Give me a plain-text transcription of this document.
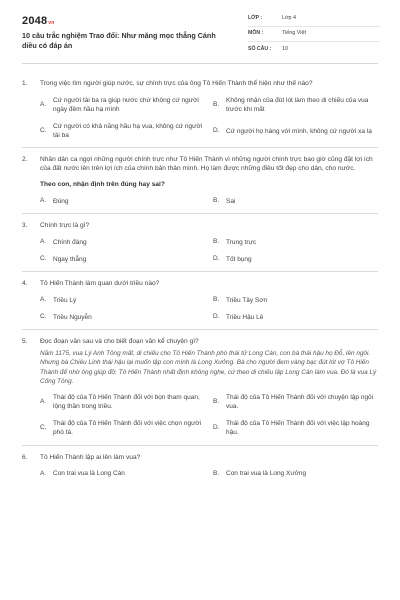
2048vn
10 câu trắc nghiệm Trao đổi: Như măng mọc thẳng Cánh diều có đáp án
LỚP :	Lớp 4
MÔN :	Tiếng Việt
SỐ CÂU :	10
1.	Trong việc tìm người giúp nước, sự chính trực của ông Tô Hiến Thành thể hiện như thế nào?
A.
Cứ người tài ba ra giúp nước chứ không cứ người ngày đêm hầu hạ mình
B.
Không nhận của đút lót làm theo di chiếu của vua trước khi mất
C.
Cứ người có khả năng hầu hạ vua, không cứ người tài ba
D.	Cứ người họ hàng với mình, không cứ người xa lạ
2.	Nhân dân ca ngợi những người chính trực như Tô Hiến Thành vì những người chính trực bao giờ cũng đặt lợi ích của đất nước lên trên lợi ích của chính bản thân mình. Họ làm được những điều tốt đẹp cho dân, cho nước.
Theo con, nhận định trên đúng hay sai?
A.	Đúng	B.	Sai
3.	Chính trực là gì?
A.	Chính đáng	B.	Trung trực
C.	Ngay thẳng	D.	Tốt bụng
4.	Tô Hiến Thành làm quan dưới triều nào?
A.	Triều Lý	B.	Triều Tây Sơn
C.	Triều Nguyễn	D.	Triều Hậu Lê
5.	Đọc đoạn văn sau và cho biết đoạn văn kể chuyện gì?
Năm 1175, vua Lý Anh Tông mất, di chiếu cho Tô Hiến Thành phò thái tử Long Cán, con bà thái hậu họ Đỗ, lên ngôi. Nhưng bà Chiêu Linh thái hậu lại muốn lập con mình là Long Xưởng. Bà cho người đem vàng bạc đút lót vợ Tô Hiến Thành để nhờ ông giúp đỡ. Tô Hiến Thành nhất định không nghe, cứ theo di chiếu lập Long Cán làm vua. Đó là vua Lý Cống Tông.
A.
Thái độ của Tô Hiến Thành đối với bọn tham quan, lộng thần trong triều.
B.
Thái độ của Tô Hiến Thành đối với chuyện lập ngôi vua.
C.
Thái độ của Tô Hiến Thành đối với việc chọn người phò tá.
D.
Thái độ của Tô Hiến Thành đối với việc lập hoàng hậu.
6.	Tô Hiến Thành lập ai lên làm vua?
A.	Con trai vua là Long Cán	B.	Con trai vua là Long Xưởng
